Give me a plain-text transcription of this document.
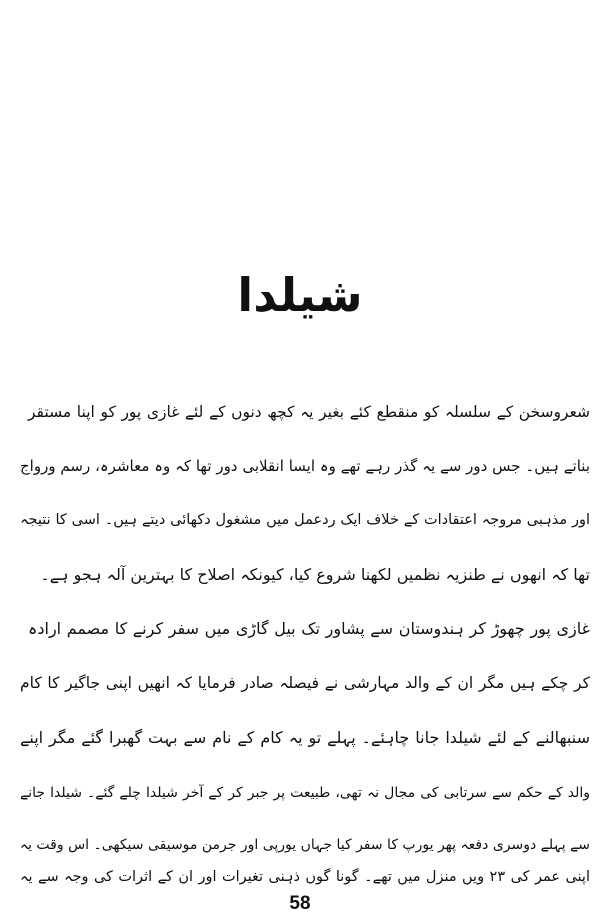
شیلدا
شعروسخن کے سلسلہ کو منقطع کئے بغیر یہ کچھ دنوں کے لئے غازی پور کو اپنا مستقر
بناتے ہیں۔ جس دور سے یہ گذر رہے تھے وہ ایسا انقلابی دور تھا کہ وہ معاشرہ، رسم ورواج
اور مذہبی مروجہ اعتقادات کے خلاف ایک ردعمل میں مشغول دکھائی دیتے ہیں۔ اسی کا نتیجہ
تھا کہ انھوں نے طنزیہ نظمیں لکھنا شروع کیا، کیونکہ اصلاح کا بہترین آلہ ہجو ہے۔
غازی پور چھوڑ کر ہندوستان سے پشاور تک بیل گاڑی میں سفر کرنے کا مصمم ارادہ
کر چکے ہیں مگر ان کے والد مہارشی نے فیصلہ صادر فرمایا کہ انھیں اپنی جاگیر کا کام
سنبھالنے کے لئے شیلدا جانا چاہئے۔ پہلے تو یہ کام کے نام سے بہت گھبرا گئے مگر اپنے
والد کے حکم سے سرتابی کی مجال نہ تھی، طبیعت پر جبر کر کے آخر شیلدا چلے گئے۔ شیلدا جانے
سے پہلے دوسری دفعہ پھر یورپ کا سفر کیا جہاں یورپی اور جرمن موسیقی سیکھی۔ اس وقت یہ
اپنی عمر کی ۲۳ ویں منزل میں تھے۔ گونا گوں ذہنی تغیرات اور ان کے اثرات کی وجہ سے یہ
58
